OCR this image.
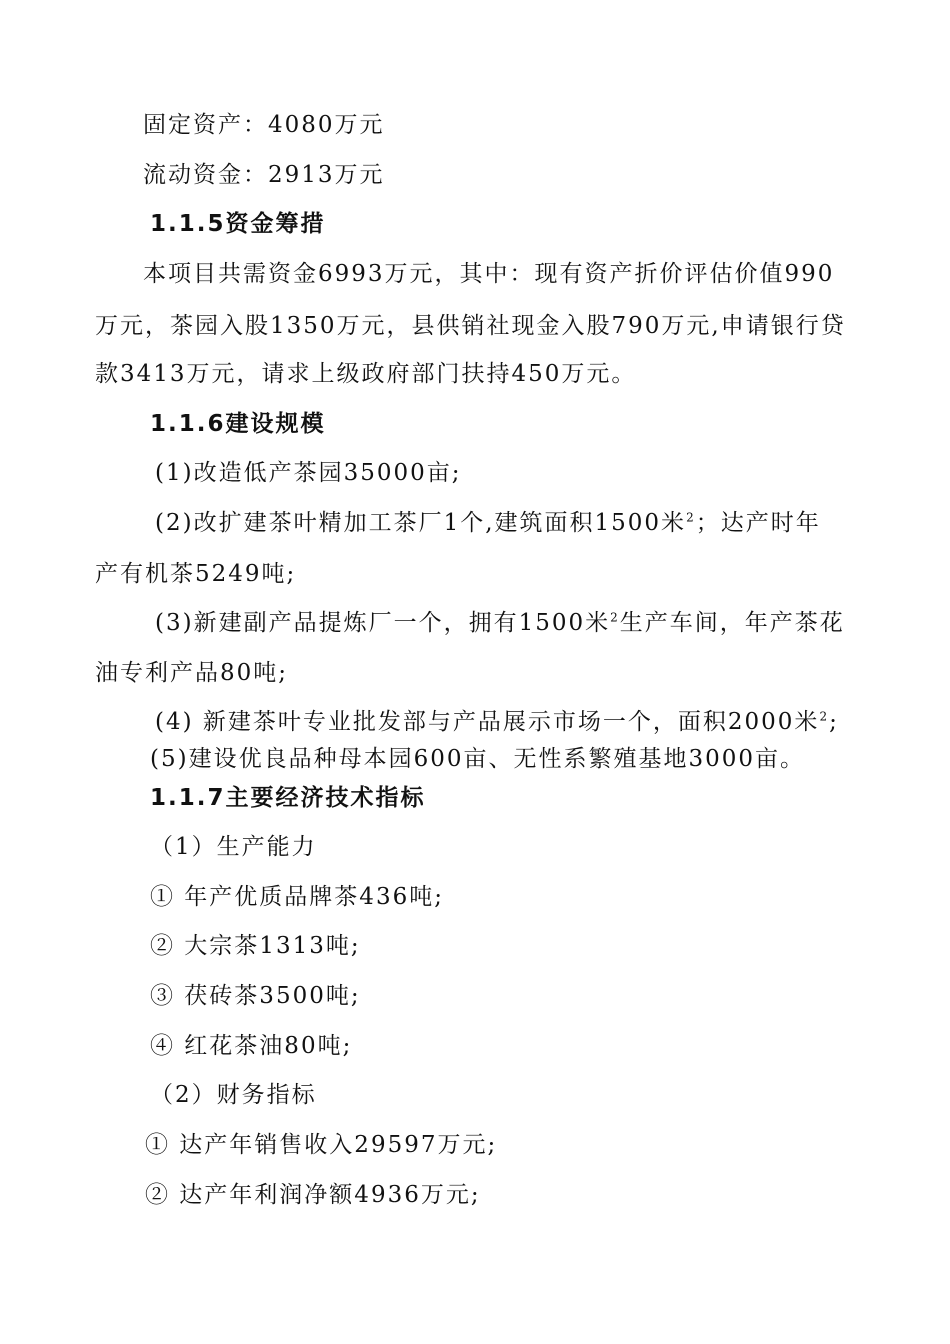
固定资产：4080万元
流动资金：2913万元
1.1.5资金筹措
本项目共需资金6993万元，其中：现有资产折价评估价值990
万元，茶园入股1350万元，县供销社现金入股790万元,申请银行贷
款3413万元，请求上级政府部门扶持450万元。
1.1.6建设规模
(1)改造低产茶园35000亩;
(2)改扩建茶叶精加工茶厂1个,建筑面积1500米$^2$；达产时年
产有机茶5249吨;
(3)新建副产品提炼厂一个，拥有1500米$^2$生产车间，年产茶花
油专利产品80吨;
(4) 新建茶叶专业批发部与产品展示市场一个，面积2000米$^2$;
(5)建设优良品种母本园600亩、无性系繁殖基地3000亩。
1.1.7主要经济技术指标
（1）生产能力
① 年产优质品牌茶436吨;
② 大宗茶1313吨;
③ 茯砖茶3500吨;
④ 红花茶油80吨;
（2）财务指标
① 达产年销售收入29597万元;
② 达产年利润净额4936万元;
